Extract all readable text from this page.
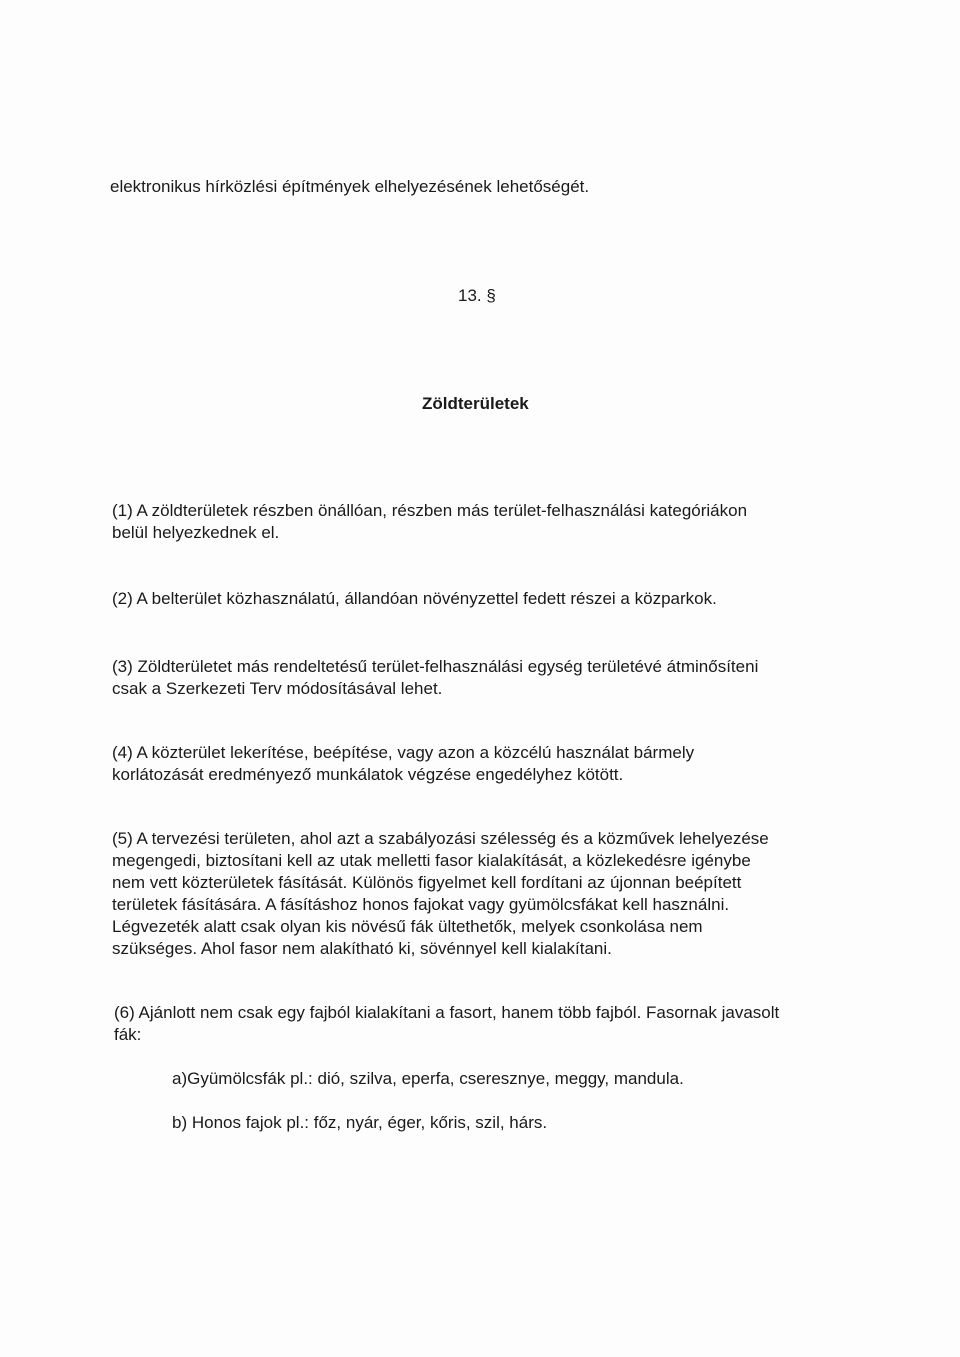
elektronikus hírközlési építmények elhelyezésének lehetőségét.
13. §
Zöldterületek
(1) A zöldterületek részben önállóan, részben más terület-felhasználási kategóriákon
belül helyezkednek el.
(2) A belterület közhasználatú, állandóan növényzettel fedett részei a közparkok.
(3) Zöldterületet más rendeltetésű terület-felhasználási egység területévé átminősíteni
csak a Szerkezeti Terv módosításával lehet.
(4) A közterület lekerítése, beépítése, vagy azon a közcélú használat bármely
korlátozását eredményező munkálatok végzése engedélyhez kötött.
(5) A tervezési területen, ahol azt a szabályozási szélesség és a közművek lehelyezése
megengedi, biztosítani kell az utak melletti fasor kialakítását, a közlekedésre igénybe
nem vett közterületek fásítását. Különös figyelmet kell fordítani az újonnan beépített
területek fásítására. A fásításhoz honos fajokat vagy gyümölcsfákat kell használni.
Légvezeték alatt csak olyan kis növésű fák ültethetők, melyek csonkolása nem
szükséges. Ahol fasor nem alakítható ki, sövénnyel kell kialakítani.
(6) Ajánlott nem csak egy fajból kialakítani a fasort, hanem több fajból. Fasornak javasolt
fák:
a)Gyümölcsfák pl.: dió, szilva, eperfa, cseresznye, meggy, mandula.
b) Honos fajok pl.: főz, nyár, éger, kőris, szil, hárs.
